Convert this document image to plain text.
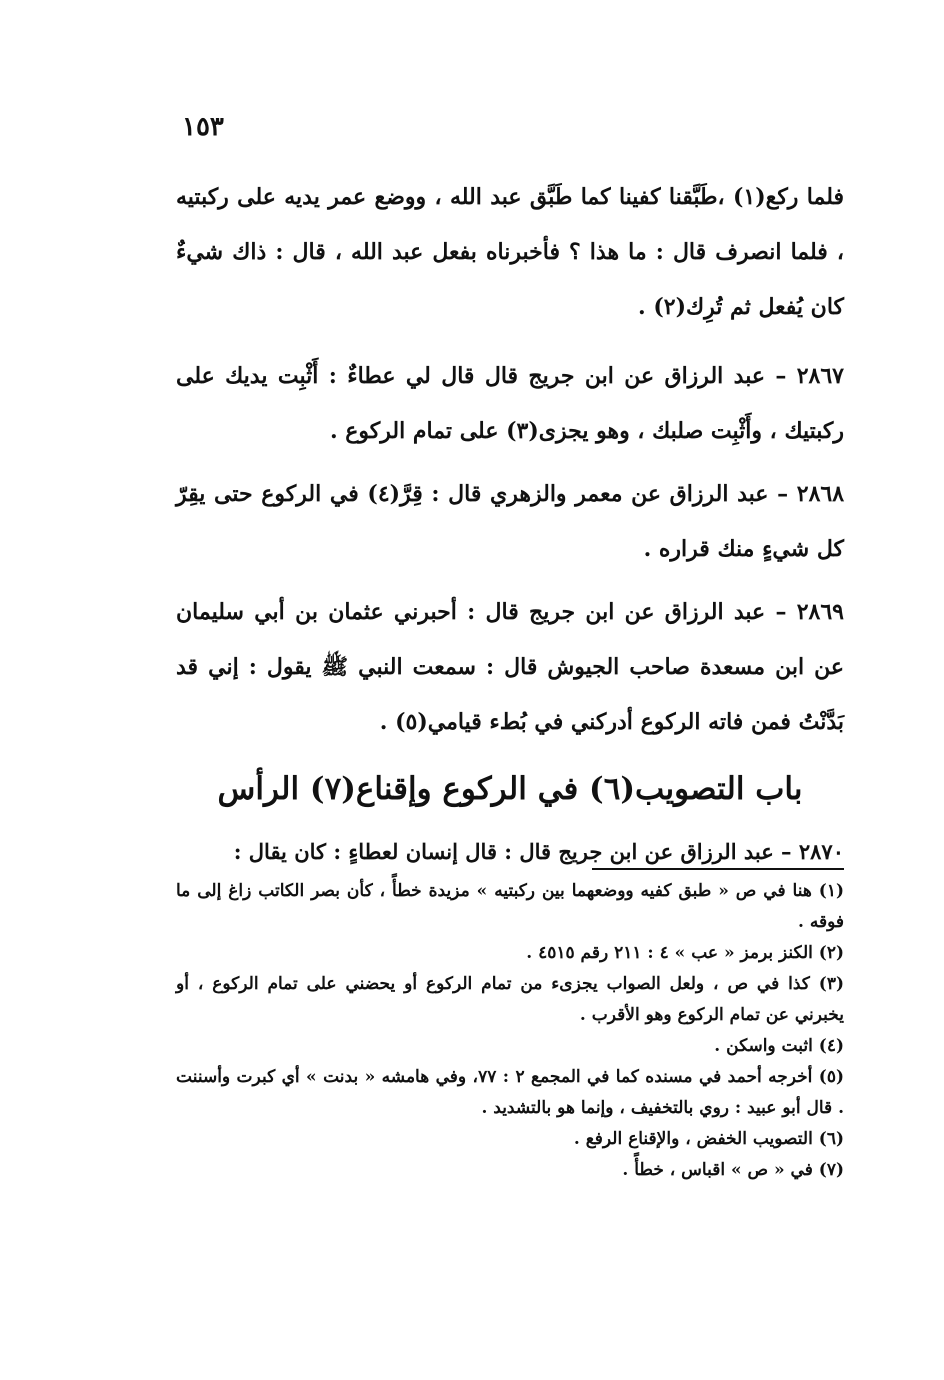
١٥٣

فلما ركع(١) ،طَبَّقنا كفينا كما طَبَّق عبد الله ، ووضع عمر يديه على ركبتيه ، فلما انصرف قال : ما هذا ؟ فأخبرناه بفعل عبد الله ، قال : ذاك شيءٌ كان يُفعل ثم تُرِك(٢) .

٢٨٦٧ – عبد الرزاق عن ابن جريج قال قال لي عطاءٌ : أَثْبِت يديك على ركبتيك ، وأَثْبِت صلبك ، وهو يجزى(٣) على تمام الركوع .

٢٨٦٨ – عبد الرزاق عن معمر والزهري قال : قِرَّ(٤) في الركوع حتى يقِرّ كل شيءٍ منك قراره .

٢٨٦٩ – عبد الرزاق عن ابن جريج قال : أحبرني عثمان بن أبي سليمان عن ابن مسعدة صاحب الجيوش قال : سمعت النبي ﷺ يقول : إني قد بَدَّنْتُ فمن فاته الركوع أدركني في بُطء قيامي(٥) .

باب التصويب(٦) في الركوع وإقناع(٧) الرأس

٢٨٧٠ – عبد الرزاق عن ابن جريج قال : قال إنسان لعطاءٍ : كان يقال :

(١) هنا في ص « طبق كفيه ووضعهما بين ركبتيه » مزيدة خطأً ، كأن بصر الكاتب زاغ إلى ما فوقه .

(٢) الكنز برمز « عب » ٤ : ٢١١ رقم ٤٥١٥ .

(٣) كذا في ص ، ولعل الصواب يجزىء من تمام الركوع أو يحضني على تمام الركوع ، أو يخبرني عن تمام الركوع وهو الأقرب .

(٤) اثبت واسكن .

(٥) أخرجه أحمد في مسنده كما في المجمع ٢ : ٧٧، وفي هامشه « بدنت » أي كبرت وأسننت . قال أبو عبيد : روي بالتخفيف ، وإنما هو بالتشديد .

(٦) التصويب الخفض ، والإقناع الرفع .

(٧) في « ص » اقباس ، خطأً .
